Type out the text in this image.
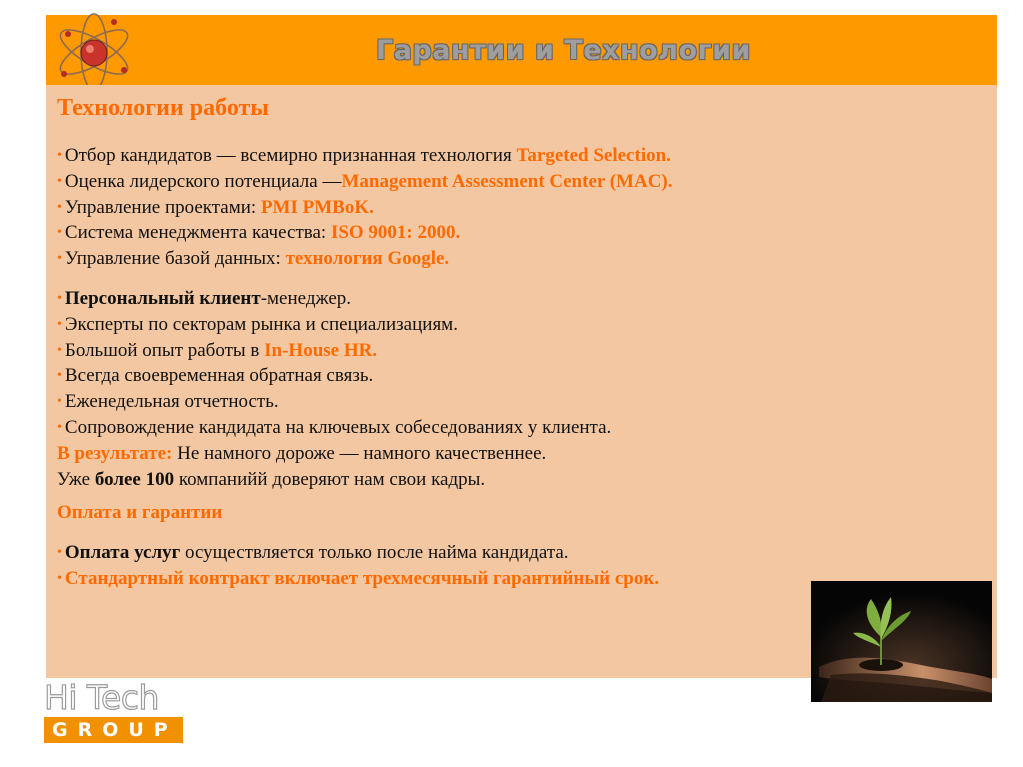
Гарантии и Технологии
Технологии работы
• Отбор кандидатов — всемирно признанная технология Targeted Selection.
• Оценка лидерского потенциала —Management Assessment Center (MAC).
• Управление проектами: PMI PMBoK.
• Система менеджмента качества: ISO 9001: 2000.
• Управление базой данных: технология Google.
• Персональный клиент-менеджер.
• Эксперты по секторам рынка и специализациям.
• Большой опыт работы в In-House HR.
• Всегда своевременная обратная связь.
• Еженедельная отчетность.
• Сопровождение кандидата на ключевых собеседованиях у клиента.
В результате: Не намного дороже — намного качественнее.
Уже более 100 компанийй доверяют нам свои кадры.
Оплата и гарантии
• Оплата услуг осуществляется только после найма кандидата.
• Стандартный контракт включает трехмесячный гарантийный срок.
Hi Tech
GROUP
